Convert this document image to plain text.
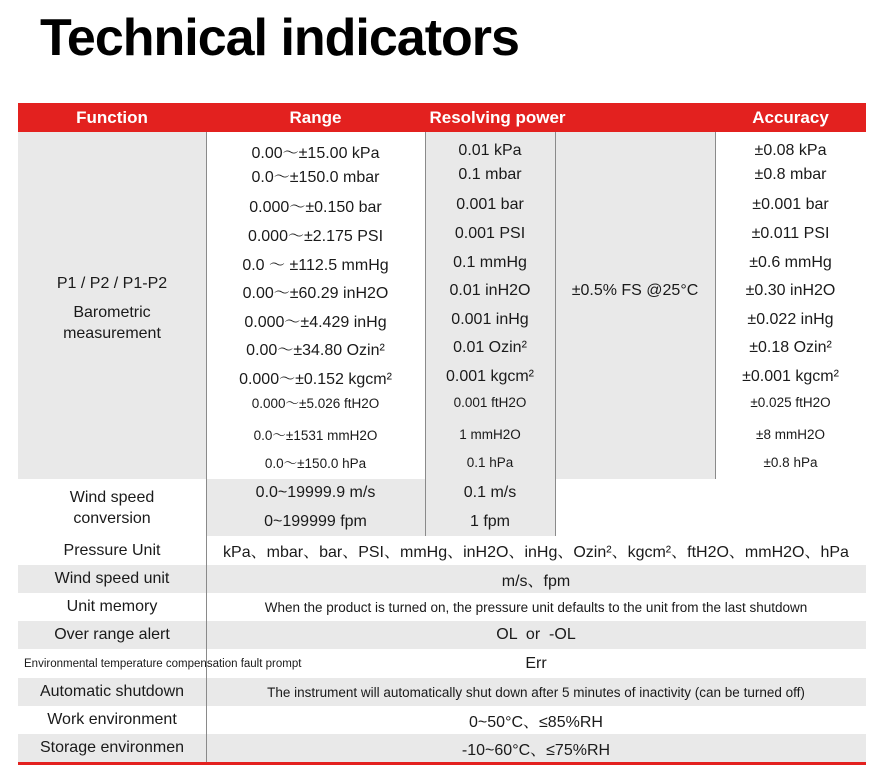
Technical indicators
Function	Range	Resolving power	Accuracy
P1 / P2 / P1-P2
Barometric
measurement
±0.5% FS @25°C
0.00～±15.00 kPa	0.01 kPa	±0.08 kPa
0.0～±150.0 mbar	0.1 mbar	±0.8 mbar
0.000～±0.150 bar	0.001 bar	±0.001 bar
0.000～±2.175 PSI	0.001 PSI	±0.011 PSI
0.0 ～ ±112.5 mmHg	0.1 mmHg	±0.6 mmHg
0.00～±60.29 inH2O	0.01 inH2O	±0.30 inH2O
0.000～±4.429 inHg	0.001 inHg	±0.022 inHg
0.00～±34.80 Ozin²	0.01 Ozin²	±0.18 Ozin²
0.000～±0.152 kgcm²	0.001 kgcm²	±0.001 kgcm²
0.000～±5.026 ftH2O	0.001 ftH2O	±0.025 ftH2O
0.0～±1531 mmH2O	1 mmH2O	±8 mmH2O
0.0～±150.0 hPa	0.1 hPa	±0.8 hPa
Wind speed
conversion
0.0~19999.9 m/s	0.1 m/s
0~199999 fpm	1 fpm
Pressure Unit	kPa、mbar、bar、PSI、mmHg、inH2O、inHg、Ozin²、kgcm²、ftH2O、mmH2O、hPa
Wind speed unit	m/s、fpm
Unit memory	When the product is turned on, the pressure unit defaults to the unit from the last shutdown
Over range alert	OL  or  -OL
Environmental temperature compensation fault prompt	Err
Automatic shutdown	The instrument will automatically shut down after 5 minutes of inactivity (can be turned off)
Work environment	0~50°C、≤85%RH
Storage environmen	-10~60°C、≤75%RH
